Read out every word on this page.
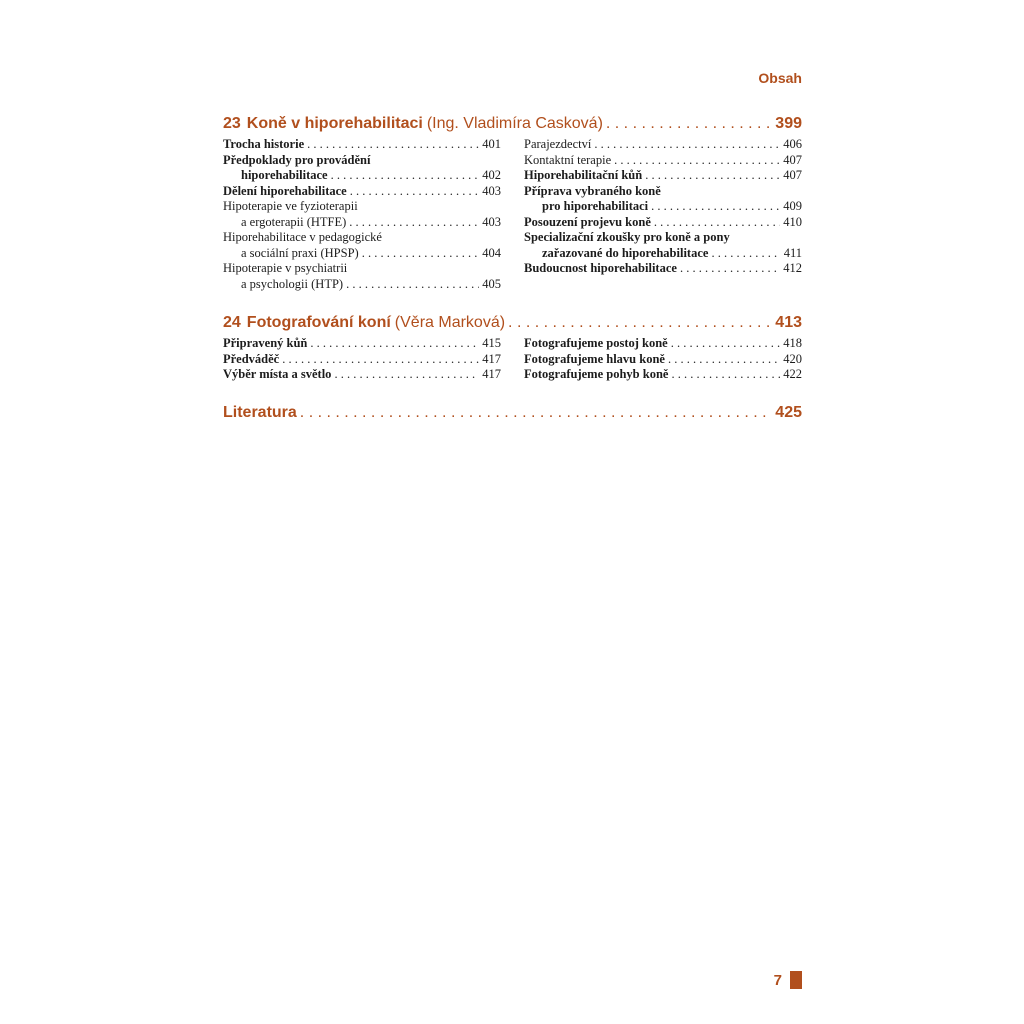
Obsah
23 Koně v hiporehabilitaci (Ing. Vladimíra Casková) . . .	399
Trocha historie . . .	401
Předpoklady pro provádění
hiporehabilitace . . .	402
Dělení hiporehabilitace . . .	403
Hipoterapie ve fyzioterapii
a ergoterapii (HTFE) . . .	403
Hiporehabilitace v pedagogické
a sociální praxi (HPSP) . . .	404
Hipoterapie v psychiatrii
a psychologii (HTP) . . .	405
Parajezdectví . . .	406
Kontaktní terapie . . .	407
Hiporehabilitační kůň . . .	407
Příprava vybraného koně
pro hiporehabilitaci . . .	409
Posouzení projevu koně . . .	410
Specializační zkoušky pro koně a pony
zařazované do hiporehabilitace . . .	411
Budoucnost hiporehabilitace . . .	412
24 Fotografování koní (Věra Marková) . . .	413
Připravený kůň . . .	415
Předváděč . . .	417
Výběr místa a světlo . . .	417
Fotografujeme postoj koně . . .	418
Fotografujeme hlavu koně . . .	420
Fotografujeme pohyb koně . . .	422
Literatura . . .	425
7
